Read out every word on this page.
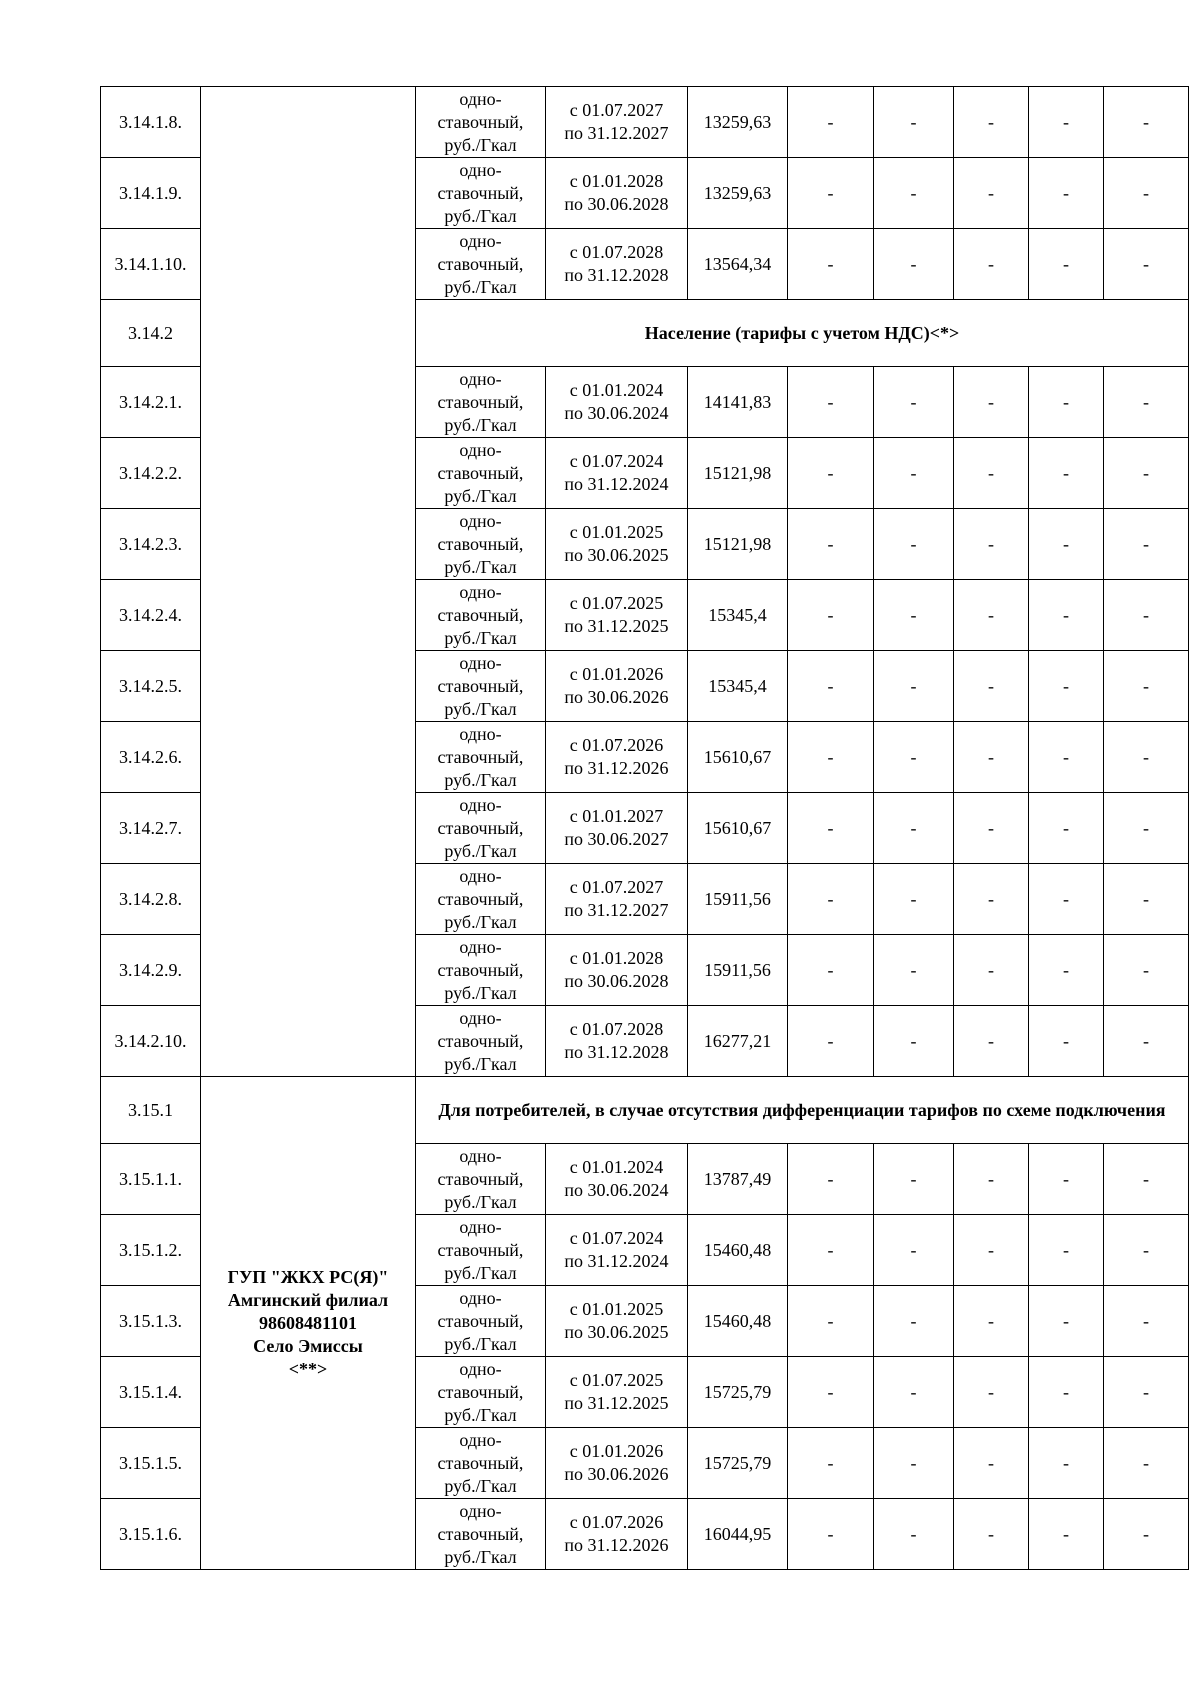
3.14.1.8.		одно-
ставочный,
руб./Гкал	с 01.07.2027
по 31.12.2027	13259,63	-	-	-	-	-
3.14.1.9.		одно-
ставочный,
руб./Гкал	с 01.01.2028
по 30.06.2028	13259,63	-	-	-	-	-
3.14.1.10.		одно-
ставочный,
руб./Гкал	с 01.07.2028
по 31.12.2028	13564,34	-	-	-	-	-
3.14.2		Население (тарифы с учетом НДС)<*>							
3.14.2.1.		одно-
ставочный,
руб./Гкал	с 01.01.2024
по 30.06.2024	14141,83	-	-	-	-	-
3.14.2.2.		одно-
ставочный,
руб./Гкал	с 01.07.2024
по 31.12.2024	15121,98	-	-	-	-	-
3.14.2.3.		одно-
ставочный,
руб./Гкал	с 01.01.2025
по 30.06.2025	15121,98	-	-	-	-	-
3.14.2.4.		одно-
ставочный,
руб./Гкал	с 01.07.2025
по 31.12.2025	15345,4	-	-	-	-	-
3.14.2.5.		одно-
ставочный,
руб./Гкал	с 01.01.2026
по 30.06.2026	15345,4	-	-	-	-	-
3.14.2.6.		одно-
ставочный,
руб./Гкал	с 01.07.2026
по 31.12.2026	15610,67	-	-	-	-	-
3.14.2.7.		одно-
ставочный,
руб./Гкал	с 01.01.2027
по 30.06.2027	15610,67	-	-	-	-	-
3.14.2.8.		одно-
ставочный,
руб./Гкал	с 01.07.2027
по 31.12.2027	15911,56	-	-	-	-	-
3.14.2.9.		одно-
ставочный,
руб./Гкал	с 01.01.2028
по 30.06.2028	15911,56	-	-	-	-	-
3.14.2.10.		одно-
ставочный,
руб./Гкал	с 01.07.2028
по 31.12.2028	16277,21	-	-	-	-	-
3.15.1	ГУП "ЖКХ РС(Я)"
Амгинский филиал
98608481101
Село Эмиссы
<**>	Для потребителей, в случае отсутствия дифференциации тарифов по схеме подключения							
3.15.1.1.		одно-
ставочный,
руб./Гкал	с 01.01.2024
по 30.06.2024	13787,49	-	-	-	-	-
3.15.1.2.		одно-
ставочный,
руб./Гкал	с 01.07.2024
по 31.12.2024	15460,48	-	-	-	-	-
3.15.1.3.		одно-
ставочный,
руб./Гкал	с 01.01.2025
по 30.06.2025	15460,48	-	-	-	-	-
3.15.1.4.		одно-
ставочный,
руб./Гкал	с 01.07.2025
по 31.12.2025	15725,79	-	-	-	-	-
3.15.1.5.		одно-
ставочный,
руб./Гкал	с 01.01.2026
по 30.06.2026	15725,79	-	-	-	-	-
3.15.1.6.		одно-
ставочный,
руб./Гкал	с 01.07.2026
по 31.12.2026	16044,95	-	-	-	-	-
